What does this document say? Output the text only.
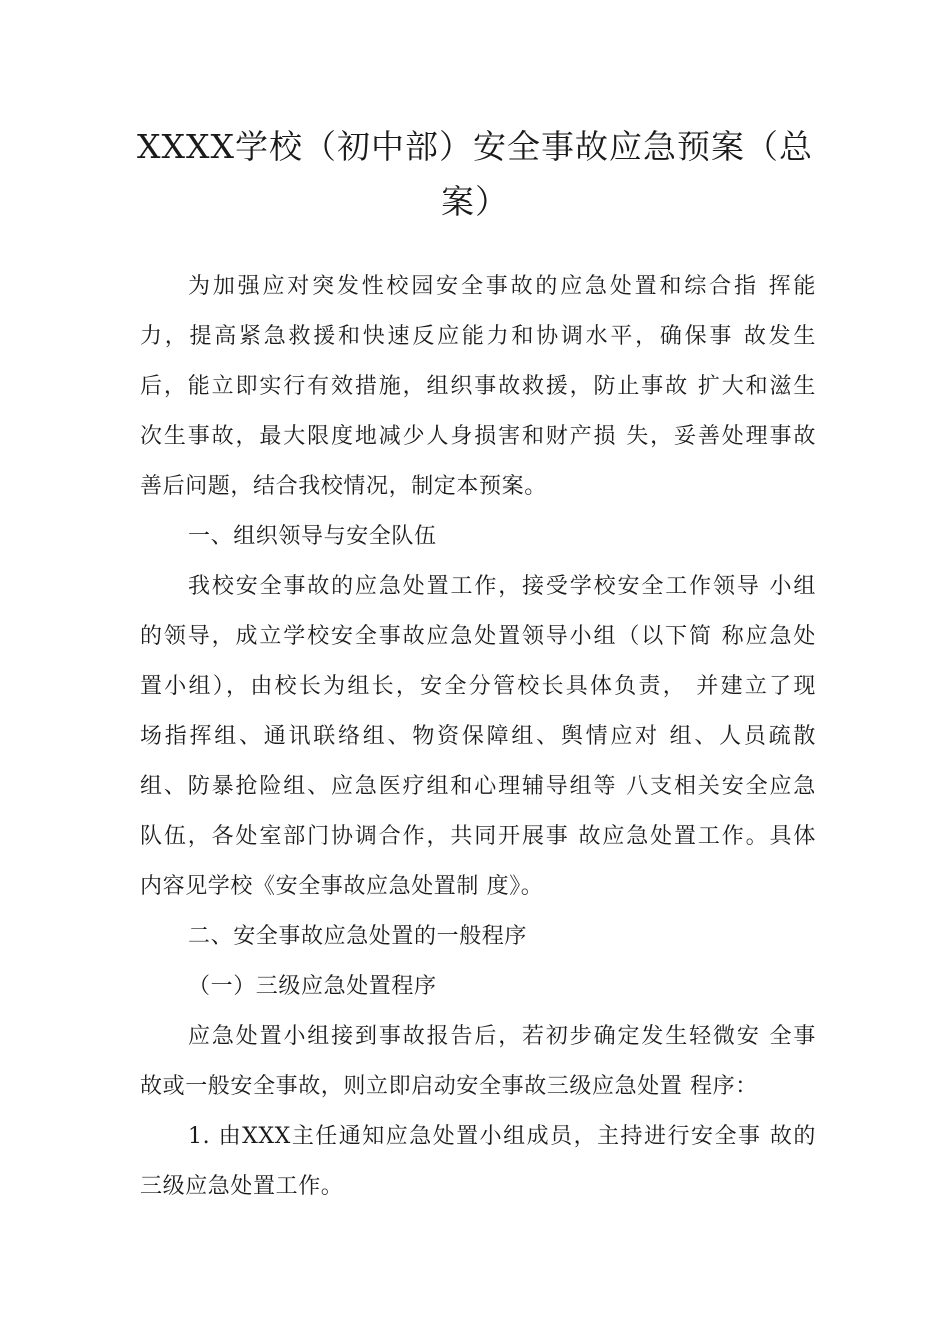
XXXX学校（初中部）安全事故应急预案（总
案）
为加强应对突发性校园安全事故的应急处置和综合指 挥能
力，提高紧急救援和快速反应能力和协调水平，确保事 故发生
后，能立即实行有效措施，组织事故救援，防止事故 扩大和滋生
次生事故，最大限度地减少人身损害和财产损 失，妥善处理事故
善后问题，结合我校情况，制定本预案。
一、组织领导与安全队伍
我校安全事故的应急处置工作，接受学校安全工作领导 小组
的领导，成立学校安全事故应急处置领导小组（以下简 称应急处
置小组），由校长为组长，安全分管校长具体负责， 并建立了现
场指挥组、通讯联络组、物资保障组、舆情应对 组、人员疏散
组、防暴抢险组、应急医疗组和心理辅导组等 八支相关安全应急
队伍，各处室部门协调合作，共同开展事 故应急处置工作。具体
内容见学校《安全事故应急处置制 度》。
二、安全事故应急处置的一般程序
（一）三级应急处置程序
应急处置小组接到事故报告后，若初步确定发生轻微安 全事
故或一般安全事故，则立即启动安全事故三级应急处置 程序：
1. 由XXX主任通知应急处置小组成员，主持进行安全事 故的
三级应急处置工作。
